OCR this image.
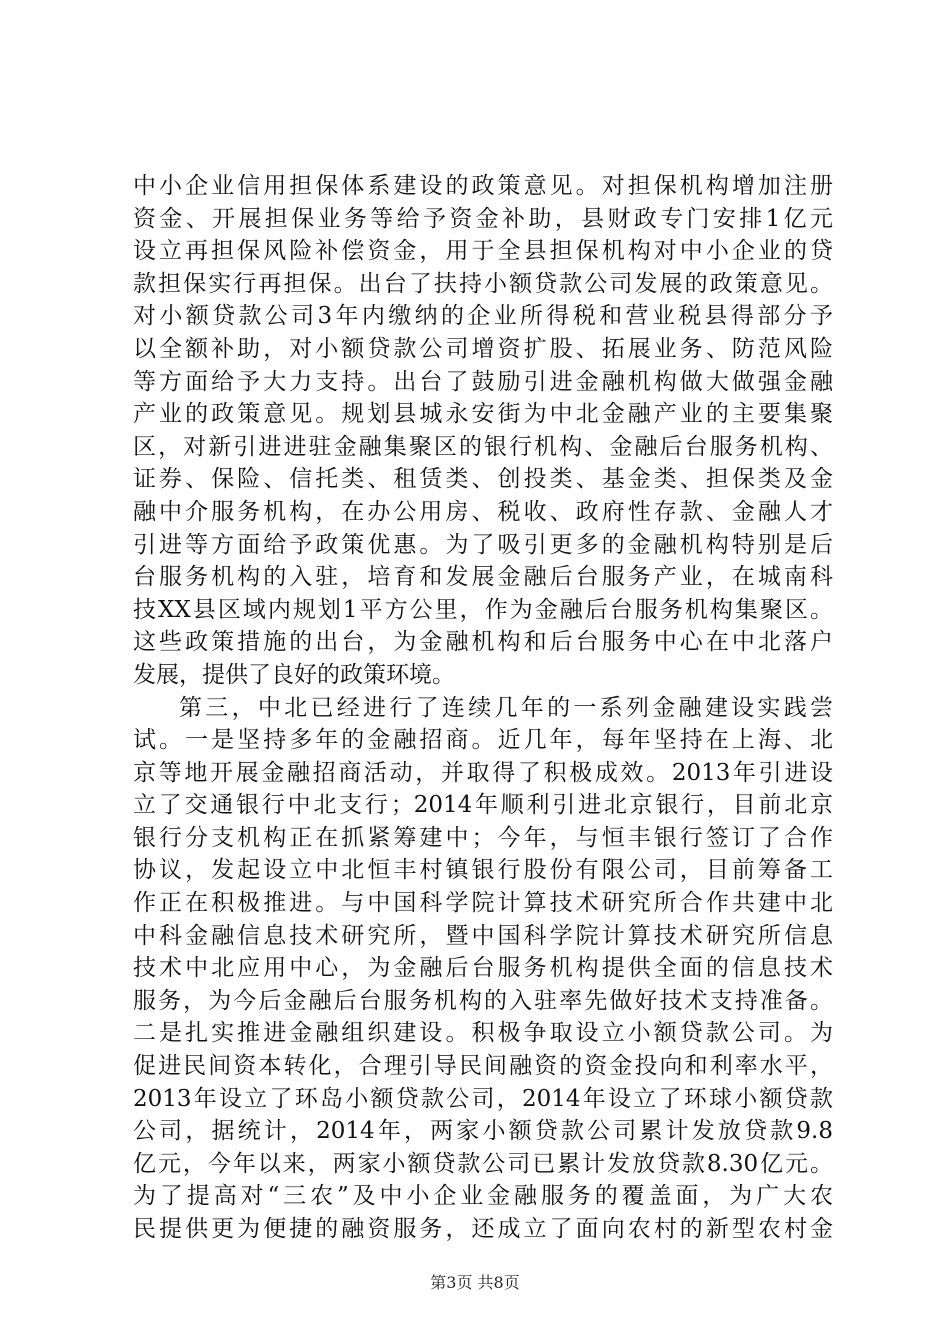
中小企业信用担保体系建设的政策意见。对担保机构增加注册
资金、开展担保业务等给予资金补助，县财政专门安排1亿元
设立再担保风险补偿资金，用于全县担保机构对中小企业的贷
款担保实行再担保。出台了扶持小额贷款公司发展的政策意见。
对小额贷款公司3年内缴纳的企业所得税和营业税县得部分予
以全额补助，对小额贷款公司增资扩股、拓展业务、防范风险
等方面给予大力支持。出台了鼓励引进金融机构做大做强金融
产业的政策意见。规划县城永安街为中北金融产业的主要集聚
区，对新引进进驻金融集聚区的银行机构、金融后台服务机构、
证券、保险、信托类、租赁类、创投类、基金类、担保类及金
融中介服务机构，在办公用房、税收、政府性存款、金融人才
引进等方面给予政策优惠。为了吸引更多的金融机构特别是后
台服务机构的入驻，培育和发展金融后台服务产业，在城南科
技XX县区域内规划1平方公里，作为金融后台服务机构集聚区。
这些政策措施的出台，为金融机构和后台服务中心在中北落户
发展，提供了良好的政策环境。
第三，中北已经进行了连续几年的一系列金融建设实践尝
试。一是坚持多年的金融招商。近几年，每年坚持在上海、北
京等地开展金融招商活动，并取得了积极成效。2013年引进设
立了交通银行中北支行；2014年顺利引进北京银行，目前北京
银行分支机构正在抓紧筹建中；今年，与恒丰银行签订了合作
协议，发起设立中北恒丰村镇银行股份有限公司，目前筹备工
作正在积极推进。与中国科学院计算技术研究所合作共建中北
中科金融信息技术研究所，暨中国科学院计算技术研究所信息
技术中北应用中心，为金融后台服务机构提供全面的信息技术
服务，为今后金融后台服务机构的入驻率先做好技术支持准备。
二是扎实推进金融组织建设。积极争取设立小额贷款公司。为
促进民间资本转化，合理引导民间融资的资金投向和利率水平，
2013年设立了环岛小额贷款公司，2014年设立了环球小额贷款
公司，据统计，2014年，两家小额贷款公司累计发放贷款9.8
亿元，今年以来，两家小额贷款公司已累计发放贷款8.30亿元。
为了提高对“三农”及中小企业金融服务的覆盖面，为广大农
民提供更为便捷的融资服务，还成立了面向农村的新型农村金
第3页 共8页
